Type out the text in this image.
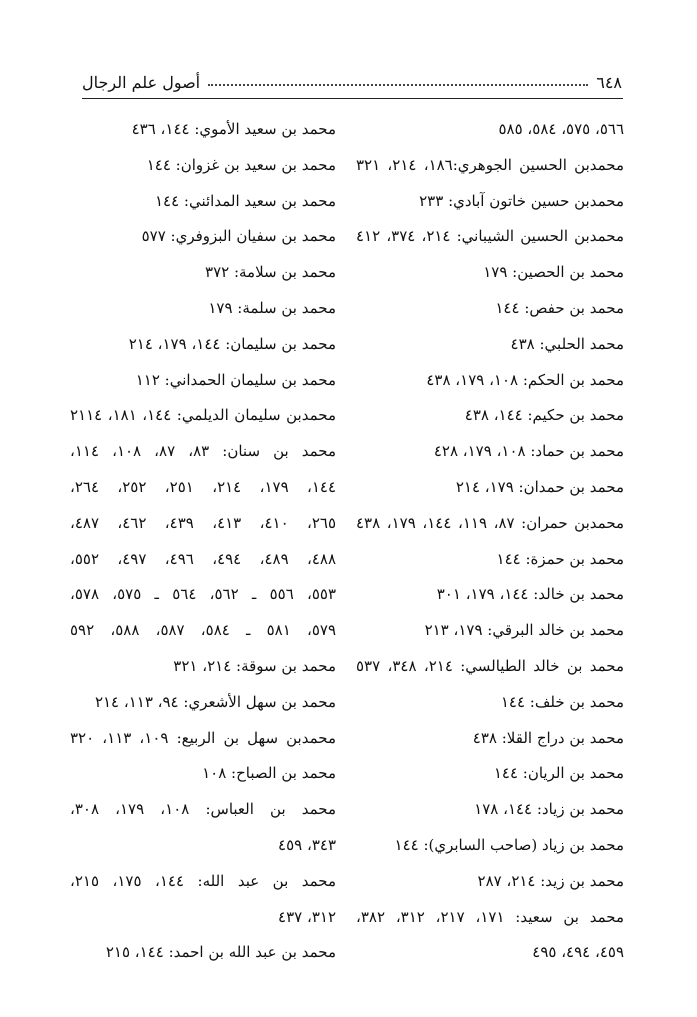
٦٤٨
أصول علم الرجال
٥٦٦، ٥٧٥، ٥٨٤، ٥٨٥
محمدبن الحسين الجوهري:١٨٦، ٢١٤، ٣٢١
محمدبن حسين خاتون آبادي: ٢٣٣
محمدبن الحسين الشيباني: ٢١٤، ٣٧٤، ٤١٢
محمد بن الحصين: ١٧٩
محمد بن حفص: ١٤٤
محمد الحلبي: ٤٣٨
محمد بن الحكم: ١٠٨، ١٧٩، ٤٣٨
محمد بن حكيم: ١٤٤، ٤٣٨
محمد بن حماد: ١٠٨، ١٧٩، ٤٢٨
محمد بن حمدان: ١٧٩، ٢١٤
محمدبن حمران: ٨٧، ١١٩، ١٤٤، ١٧٩، ٤٣٨
محمد بن حمزة: ١٤٤
محمد بن خالد: ١٤٤، ١٧٩، ٣٠١
محمد بن خالد البرقي: ١٧٩، ٢١٣
محمد بن خالد الطيالسي: ٢١٤، ٣٤٨، ٥٣٧
محمد بن خلف: ١٤٤
محمد بن دراج القلا: ٤٣٨
محمد بن الريان: ١٤٤
محمد بن زياد: ١٤٤، ١٧٨
محمد بن زياد (صاحب السابري): ١٤٤
محمد بن زيد: ٢١٤، ٢٨٧
محمد بن سعيد: ١٧١، ٢١٧، ٣١٢، ٣٨٢،
٤٥٩، ٤٩٤، ٤٩٥
محمد بن سعيد الأموي: ١٤٤، ٤٣٦
محمد بن سعيد بن غزوان: ١٤٤
محمد بن سعيد المدائني: ١٤٤
محمد بن سفيان البزوفري: ٥٧٧
محمد بن سلامة: ٣٧٢
محمد بن سلمة: ١٧٩
محمد بن سليمان: ١٤٤، ١٧٩، ٢١٤
محمد بن سليمان الحمداني: ١١٢
محمدبن سليمان الديلمي: ١٤٤، ١٨١، ٢١١٤
محمد بن سنان: ٨٣، ٨٧، ١٠٨، ١١٤،
١٤٤، ١٧٩، ٢١٤، ٢٥١، ٢٥٢، ٢٦٤،
٢٦٥، ٤١٠، ٤١٣، ٤٣٩، ٤٦٢، ٤٨٧،
٤٨٨، ٤٨٩، ٤٩٤، ٤٩٦، ٤٩٧، ٥٥٢،
٥٥٣، ٥٥٦ ـ ٥٦٢، ٥٦٤ ـ ٥٧٥، ٥٧٨،
٥٧٩، ٥٨١ ـ ٥٨٤، ٥٨٧، ٥٨٨، ٥٩٢
محمد بن سوقة: ٢١٤، ٣٢١
محمد بن سهل الأشعري: ٩٤، ١١٣، ٢١٤
محمدبن سهل بن الربيع: ١٠٩، ١١٣، ٣٢٠
محمد بن الصباح: ١٠٨
محمد بن العباس: ١٠٨، ١٧٩، ٣٠٨،
٣٤٣، ٤٥٩
محمد بن عبد الله: ١٤٤، ١٧٥، ٢١٥،
٣١٢، ٤٣٧
محمد بن عبد الله بن احمد: ١٤٤، ٢١٥
